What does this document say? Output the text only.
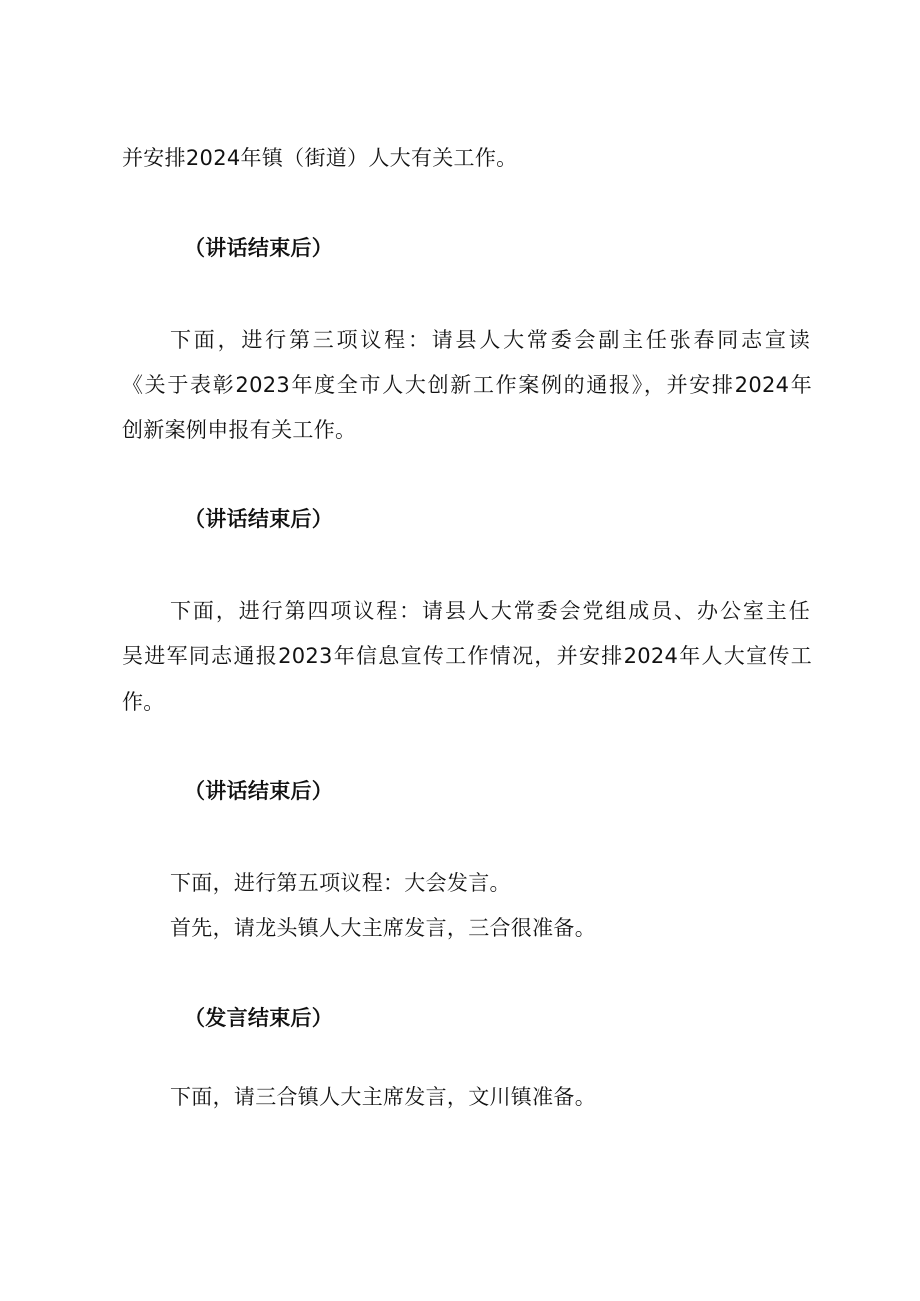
并安排2024年镇（街道）人大有关工作。
（讲话结束后）
下面，进行第三项议程：请县人大常委会副主任张春同志宣读
《关于表彰2023年度全市人大创新工作案例的通报》，并安排2024年
创新案例申报有关工作。
（讲话结束后）
下面，进行第四项议程：请县人大常委会党组成员、办公室主任
吴进军同志通报2023年信息宣传工作情况，并安排2024年人大宣传工
作。
（讲话结束后）
下面，进行第五项议程：大会发言。
首先，请龙头镇人大主席发言，三合很准备。
（发言结束后）
下面，请三合镇人大主席发言，文川镇准备。
